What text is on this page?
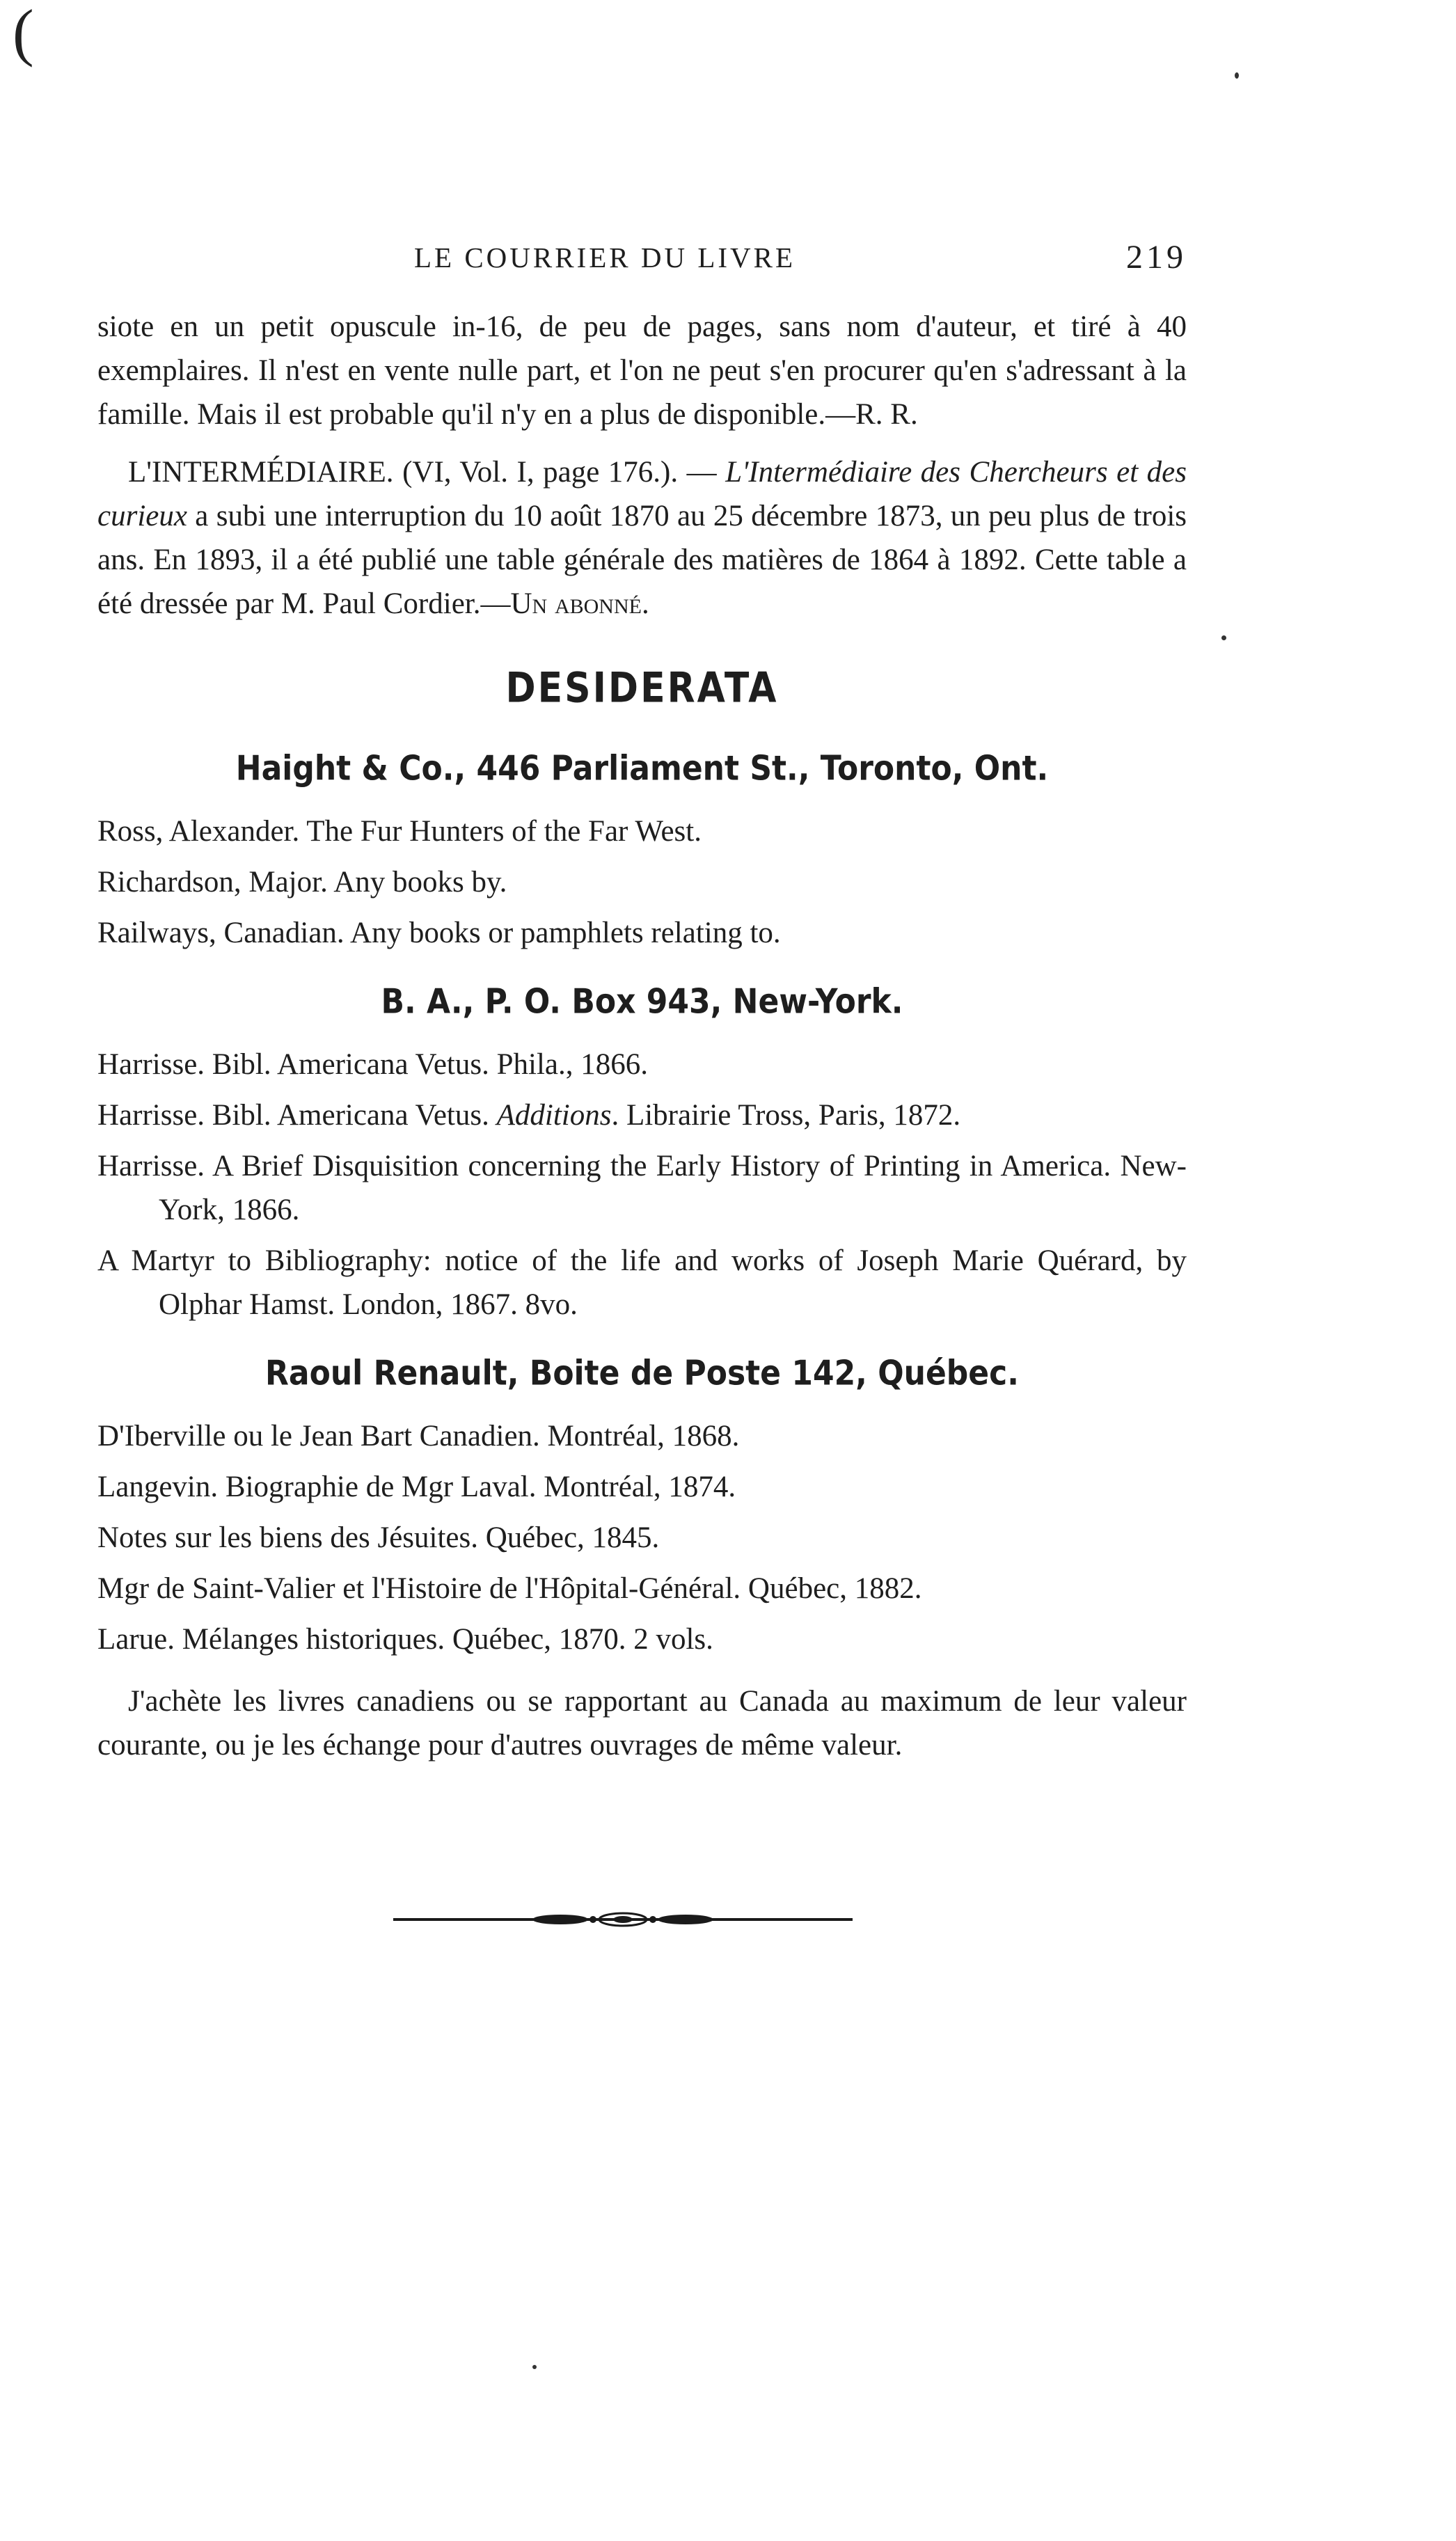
(
LE COURRIER DU LIVRE	219

siote en un petit opuscule in-16, de peu de pages, sans nom d'auteur, et tiré à 40 exemplaires. Il n'est en vente nulle part, et l'on ne peut s'en procurer qu'en s'adressant à la famille. Mais il est probable qu'il n'y en a plus de disponible.—R. R.

L'INTERMÉDIAIRE. (VI, Vol. I, page 176.). — L'Intermédiaire des Chercheurs et des curieux a subi une interruption du 10 août 1870 au 25 décembre 1873, un peu plus de trois ans. En 1893, il a été publié une table générale des matières de 1864 à 1892. Cette table a été dressée par M. Paul Cordier.—Un abonné.

DESIDERATA
Haight & Co., 446 Parliament St., Toronto, Ont.

Ross, Alexander. The Fur Hunters of the Far West.

Richardson, Major. Any books by.

Railways, Canadian. Any books or pamphlets relating to.

B. A., P. O. Box 943, New-York.

Harrisse. Bibl. Americana Vetus. Phila., 1866.

Harrisse. Bibl. Americana Vetus. Additions. Librairie Tross, Paris, 1872.

Harrisse. A Brief Disquisition concerning the Early History of Printing in America. New-York, 1866.

A Martyr to Bibliography: notice of the life and works of Joseph Marie Quérard, by Olphar Hamst. London, 1867. 8vo.

Raoul Renault, Boite de Poste 142, Québec.

D'Iberville ou le Jean Bart Canadien. Montréal, 1868.

Langevin. Biographie de Mgr Laval. Montréal, 1874.

Notes sur les biens des Jésuites. Québec, 1845.

Mgr de Saint-Valier et l'Histoire de l'Hôpital-Général. Québec, 1882.

Larue. Mélanges historiques. Québec, 1870. 2 vols.

J'achète les livres canadiens ou se rapportant au Canada au maximum de leur valeur courante, ou je les échange pour d'autres ouvrages de même valeur.
